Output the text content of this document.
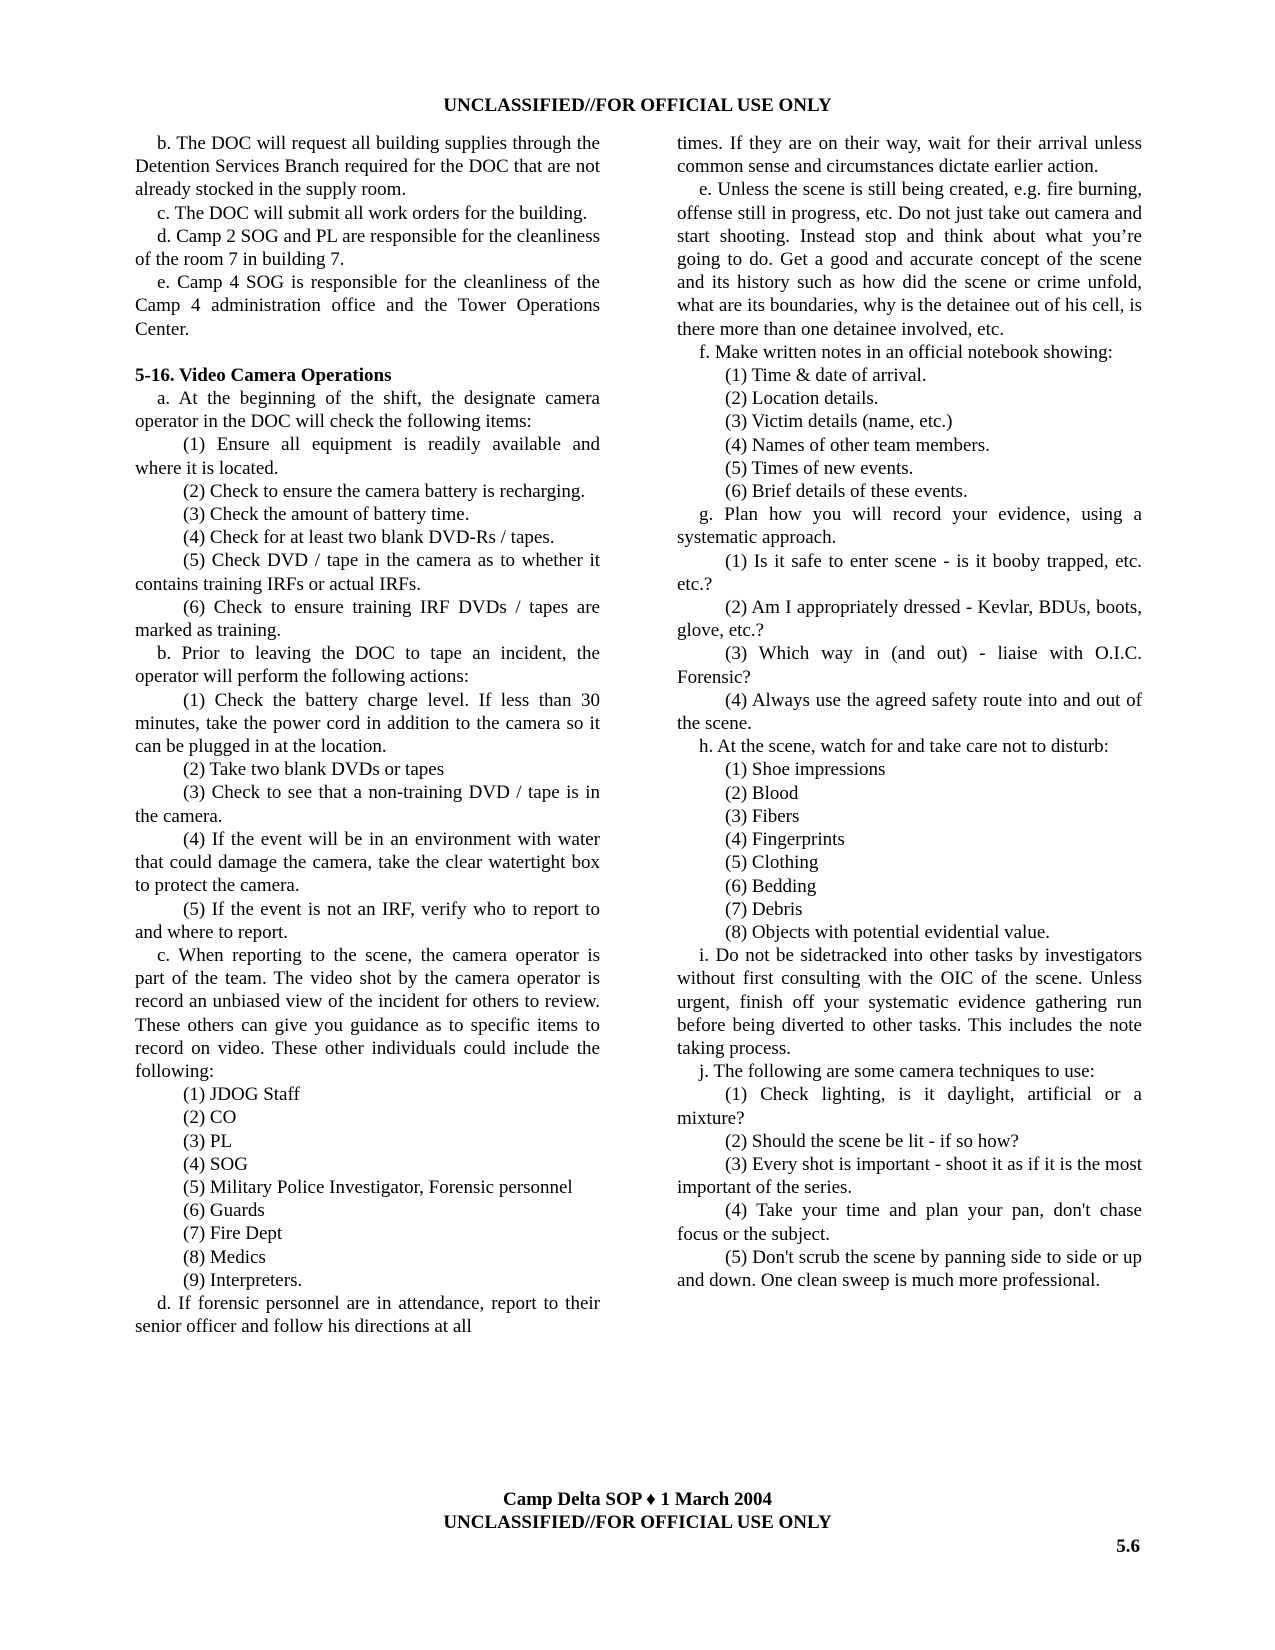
UNCLASSIFIED//FOR OFFICIAL USE ONLY

b. The DOC will request all building supplies through the Detention Services Branch required for the DOC that are not already stocked in the supply room.

c. The DOC will submit all work orders for the building.

d. Camp 2 SOG and PL are responsible for the cleanliness of the room 7 in building 7.

e. Camp 4 SOG is responsible for the cleanliness of the Camp 4 administration office and the Tower Operations Center.

5-16. Video Camera Operations

a. At the beginning of the shift, the designate camera operator in the DOC will check the following items:

(1) Ensure all equipment is readily available and where it is located.

(2) Check to ensure the camera battery is recharging.

(3) Check the amount of battery time.

(4) Check for at least two blank DVD-Rs / tapes.

(5) Check DVD / tape in the camera as to whether it contains training IRFs or actual IRFs.

(6) Check to ensure training IRF DVDs / tapes are marked as training.

b. Prior to leaving the DOC to tape an incident, the operator will perform the following actions:

(1) Check the battery charge level. If less than 30 minutes, take the power cord in addition to the camera so it can be plugged in at the location.

(2) Take two blank DVDs or tapes

(3) Check to see that a non-training DVD / tape is in the camera.

(4) If the event will be in an environment with water that could damage the camera, take the clear watertight box to protect the camera.

(5) If the event is not an IRF, verify who to report to and where to report.

c. When reporting to the scene, the camera operator is part of the team. The video shot by the camera operator is record an unbiased view of the incident for others to review. These others can give you guidance as to specific items to record on video. These other individuals could include the following:

(1) JDOG Staff

(2) CO

(3) PL

(4) SOG

(5) Military Police Investigator, Forensic personnel

(6) Guards

(7) Fire Dept

(8) Medics

(9) Interpreters.

d. If forensic personnel are in attendance, report to their senior officer and follow his directions at all

times. If they are on their way, wait for their arrival unless common sense and circumstances dictate earlier action.

e. Unless the scene is still being created, e.g. fire burning, offense still in progress, etc. Do not just take out camera and start shooting. Instead stop and think about what you’re going to do. Get a good and accurate concept of the scene and its history such as how did the scene or crime unfold, what are its boundaries, why is the detainee out of his cell, is there more than one detainee involved, etc.

f. Make written notes in an official notebook showing:

(1) Time & date of arrival.

(2) Location details.

(3) Victim details (name, etc.)

(4) Names of other team members.

(5) Times of new events.

(6) Brief details of these events.

g. Plan how you will record your evidence, using a systematic approach.

(1) Is it safe to enter scene - is it booby trapped, etc. etc.?

(2) Am I appropriately dressed - Kevlar, BDUs, boots, glove, etc.?

(3) Which way in (and out) - liaise with O.I.C. Forensic?

(4) Always use the agreed safety route into and out of the scene.

h. At the scene, watch for and take care not to disturb:

(1) Shoe impressions

(2) Blood

(3) Fibers

(4) Fingerprints

(5) Clothing

(6) Bedding

(7) Debris

(8) Objects with potential evidential value.

i. Do not be sidetracked into other tasks by investigators without first consulting with the OIC of the scene. Unless urgent, finish off your systematic evidence gathering run before being diverted to other tasks. This includes the note taking process.

j. The following are some camera techniques to use:

(1) Check lighting, is it daylight, artificial or a mixture?

(2) Should the scene be lit - if so how?

(3) Every shot is important - shoot it as if it is the most important of the series.

(4) Take your time and plan your pan, don't chase focus or the subject.

(5) Don't scrub the scene by panning side to side or up and down. One clean sweep is much more professional.

Camp Delta SOP ♦ 1 March 2004
UNCLASSIFIED//FOR OFFICIAL USE ONLY
5.6
